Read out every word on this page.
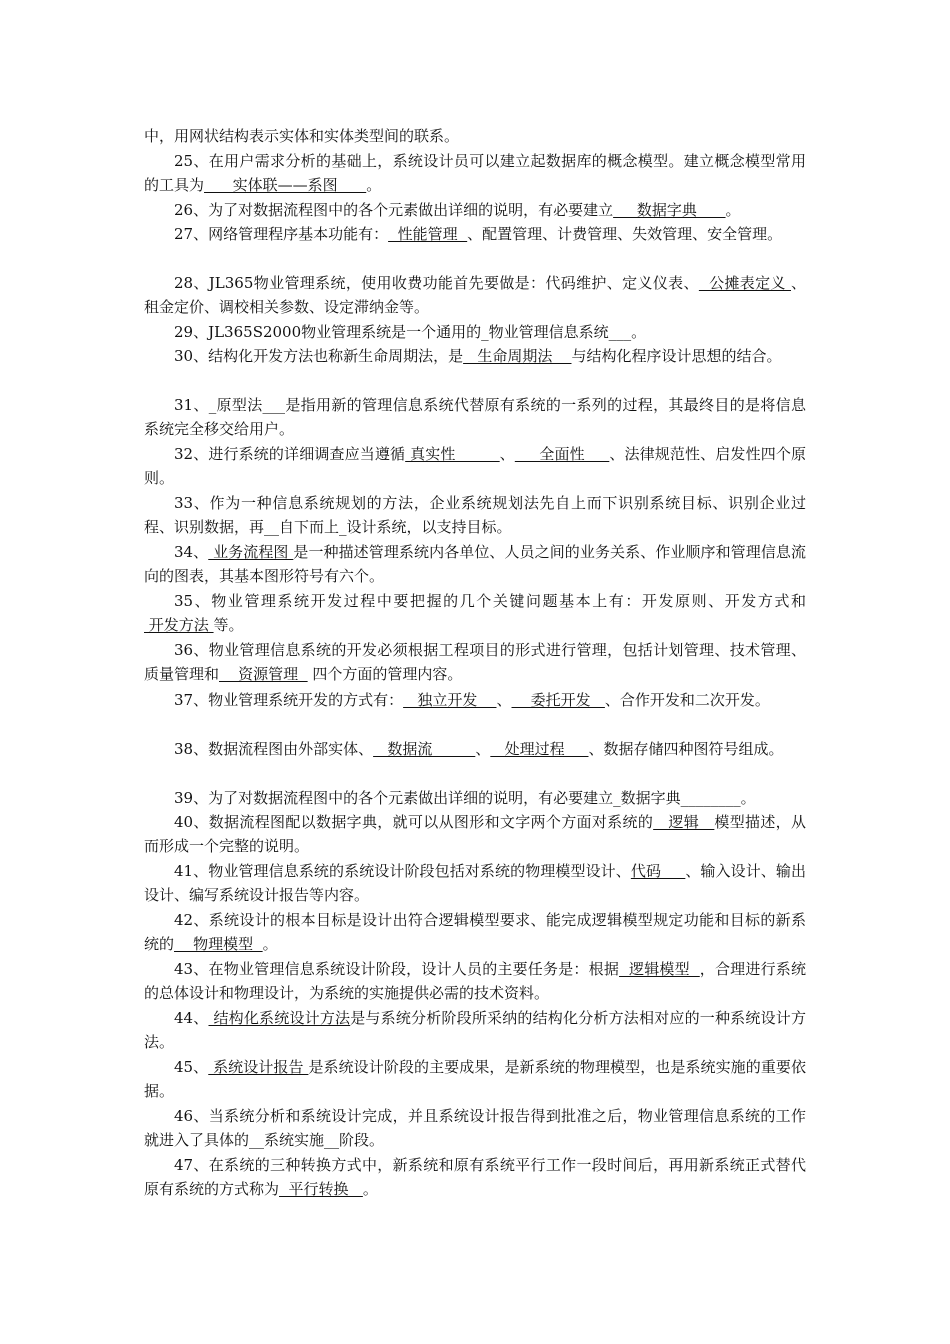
中，用网状结构表示实体和实体类型间的联系。
25、在用户需求分析的基础上，系统设计员可以建立起数据库的概念模型。建立概念模型常用的工具为      实体联——系图      。
26、为了对数据流程图中的各个元素做出详细的说明，有必要建立     数据字典      。
27、网络管理程序基本功能有：  性能管理  、配置管理、计费管理、失效管理、安全管理。
28、JL365物业管理系统，使用收费功能首先要做是：代码维护、定义仪表、  公摊表定义 、租金定价、调校相关参数、设定滞纳金等。
29、JL365S2000物业管理系统是一个通用的_物业管理信息系统___。
30、结构化开发方法也称新生命周期法，是   生命周期法    与结构化程序设计思想的结合。
31、_原型法___是指用新的管理信息系统代替原有系统的一系列的过程，其最终目的是将信息系统完全移交给用户。
32、进行系统的详细调查应当遵循 真实性         、     全面性     、法律规范性、启发性四个原则。
33、作为一种信息系统规划的方法，企业系统规划法先自上而下识别系统目标、识别企业过程、识别数据，再__自下而上_设计系统，以支持目标。
34、 业务流程图 是一种描述管理系统内各单位、人员之间的业务关系、作业顺序和管理信息流向的图表，其基本图形符号有六个。
35、物业管理系统开发过程中要把握的几个关键问题基本上有：开发原则、开发方式和 开发方法 等。
36、物业管理信息系统的开发必须根据工程项目的形式进行管理，包括计划管理、技术管理、质量管理和    资源管理   四个方面的管理内容。
37、物业管理系统开发的方式有：   独立开发    、    委托开发   、合作开发和二次开发。
38、数据流程图由外部实体、   数据流         、   处理过程     、数据存储四种图符号组成。
39、为了对数据流程图中的各个元素做出详细的说明，有必要建立_数据字典________。
40、数据流程图配以数据字典，就可以从图形和文字两个方面对系统的   逻辑   模型描述，从而形成一个完整的说明。
41、物业管理信息系统的系统设计阶段包括对系统的物理模型设计、代码     、输入设计、输出设计、编写系统设计报告等内容。
42、系统设计的根本目标是设计出符合逻辑模型要求、能完成逻辑模型规定功能和目标的新系统的    物理模型  。
43、在物业管理信息系统设计阶段，设计人员的主要任务是：根据  逻辑模型  ，合理进行系统的总体设计和物理设计，为系统的实施提供必需的技术资料。
44、 结构化系统设计方法是与系统分析阶段所采纳的结构化分析方法相对应的一种系统设计方法。
45、 系统设计报告 是系统设计阶段的主要成果，是新系统的物理模型，也是系统实施的重要依据。
46、当系统分析和系统设计完成，并且系统设计报告得到批准之后，物业管理信息系统的工作就进入了具体的__系统实施__阶段。
47、在系统的三种转换方式中，新系统和原有系统平行工作一段时间后，再用新系统正式替代原有系统的方式称为  平行转换   。
